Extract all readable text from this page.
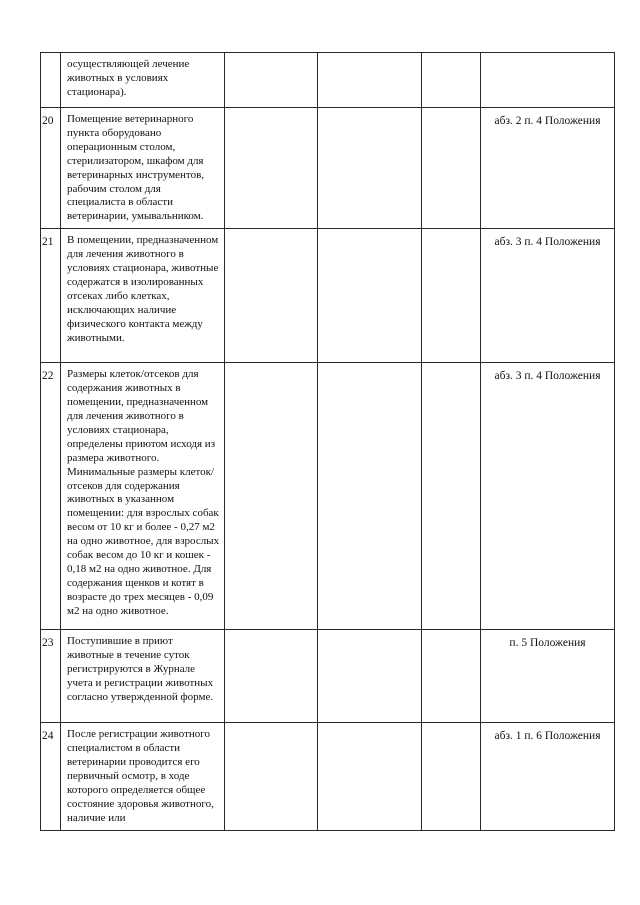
	осуществляющей лечение животных в условиях стационара).				

20	Помещение ветеринарного пункта оборудовано операционным столом, стерилизатором, шкафом для ветеринарных инструментов, рабочим столом для специалиста в области ветеринарии, умывальником.				абз. 2 п. 4 Положения

21	В помещении, предназначенном для лечения животного в условиях стационара, животные содержатся в изолированных отсеках либо клетках, исключающих наличие физического контакта между животными.				абз. 3 п. 4 Положения

22	Размеры клеток/отсеков для содержания животных в помещении, предназначенном для лечения животного в условиях стационара, определены приютом исходя из размера животного. Минимальные размеры клеток/отсеков для содержания животных в указанном помещении: для взрослых собак весом от 10 кг и более - 0,27 м2 на одно животное, для взрослых собак весом до 10 кг и кошек - 0,18 м2 на одно животное. Для содержания щенков и котят в возрасте до трех месяцев - 0,09 м2 на одно животное.				абз. 3 п. 4 Положения

23	Поступившие в приют животные в течение суток регистрируются в Журнале учета и регистрации животных согласно утвержденной форме.				п. 5 Положения

24	После регистрации животного специалистом в области ветеринарии проводится его первичный осмотр, в ходе которого определяется общее состояние здоровья животного, наличие или				абз. 1 п. 6 Положения
